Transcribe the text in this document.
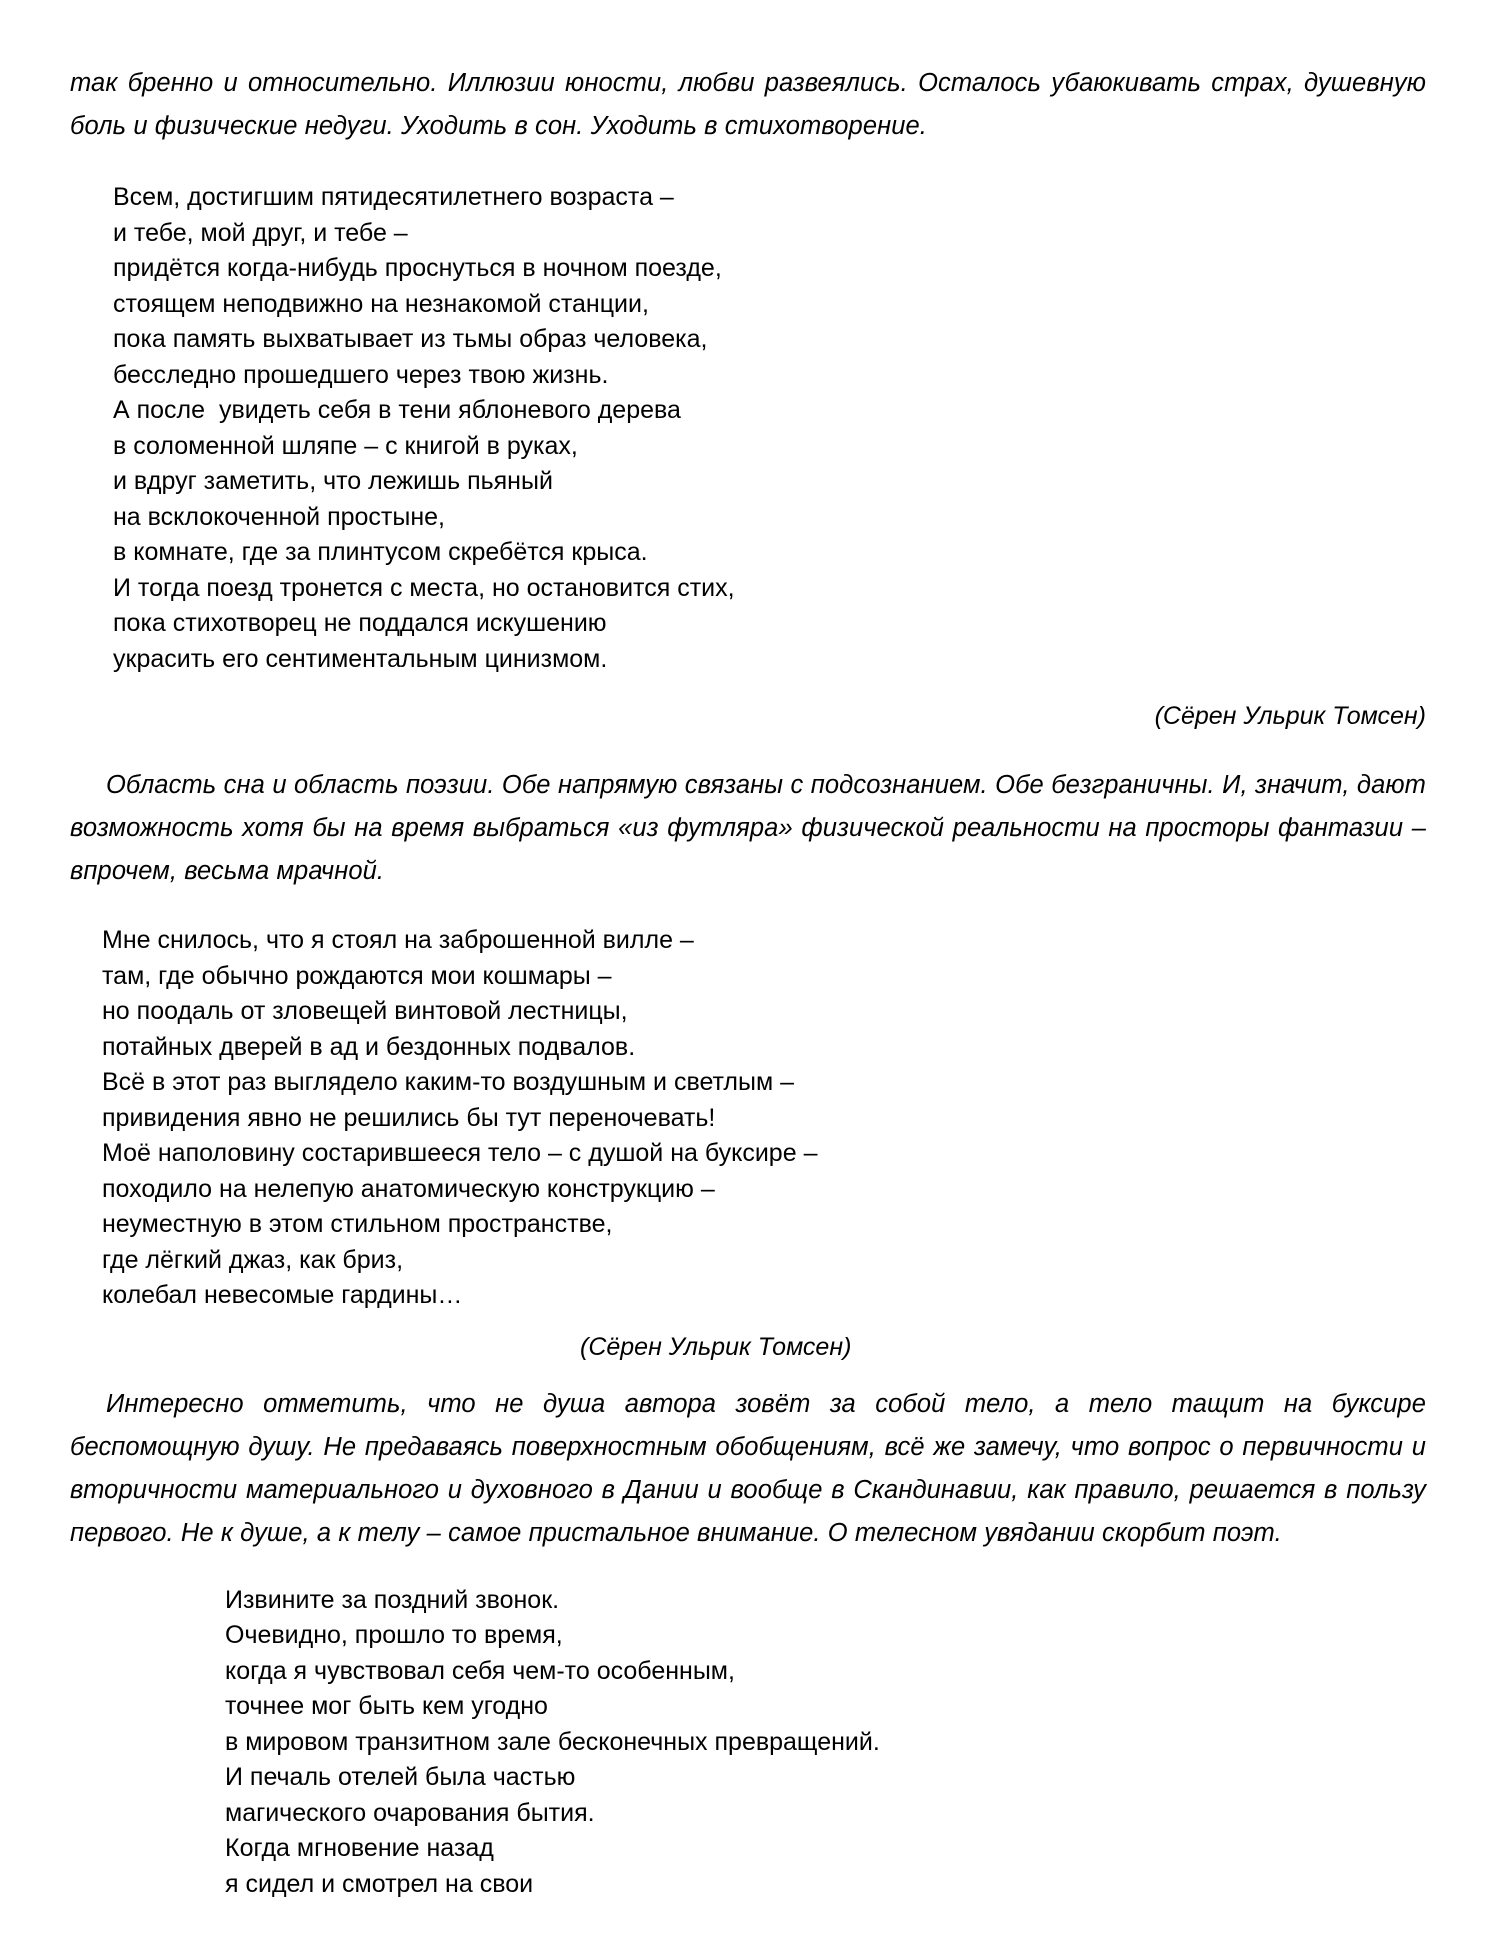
так бренно и относительно. Иллюзии юности, любви развеялись. Осталось убаюкивать страх, душевную боль и физические недуги. Уходить в сон. Уходить в стихотворение.

Всем, достигшим пятидесятилетнего возраста –
и тебе, мой друг, и тебе –
придётся когда-нибудь проснуться в ночном поезде,
стоящем неподвижно на незнакомой станции,
пока память выхватывает из тьмы образ человека,
бесследно прошедшего через твою жизнь.
А после  увидеть себя в тени яблоневого дерева
в соломенной шляпе – с книгой в руках,
и вдруг заметить, что лежишь пьяный
на всклокоченной простыне,
в комнате, где за плинтусом скребётся крыса.
И тогда поезд тронется с места, но остановится стих,
пока стихотворец не поддался искушению
украсить его сентиментальным цинизмом.

(Сёрен Ульрик Томсен)

Область сна и область поэзии. Обе напрямую связаны с подсознанием. Обе безграничны. И, значит, дают возможность хотя бы на время выбраться «из футляра» физической реальности на просторы фантазии – впрочем, весьма мрачной.

Мне снилось, что я стоял на заброшенной вилле –
там, где обычно рождаются мои кошмары –
но поодаль от зловещей винтовой лестницы,
потайных дверей в ад и бездонных подвалов.
Всё в этот раз выглядело каким-то воздушным и светлым –
привидения явно не решились бы тут переночевать!
Моё наполовину состарившееся тело – с душой на буксире –
походило на нелепую анатомическую конструкцию –
неуместную в этом стильном пространстве,
где лёгкий джаз, как бриз,
колебал невесомые гардины…

(Сёрен Ульрик Томсен)

Интересно отметить, что не душа автора зовёт за собой тело, а тело тащит на буксире беспомощную душу. Не предаваясь поверхностным обобщениям, всё же замечу, что вопрос о первичности и вторичности материального и духовного в Дании и вообще в Скандинавии, как правило, решается в пользу первого. Не к душе, а к телу – самое пристальное внимание. О телесном увядании скорбит поэт.

Извините за поздний звонок.
Очевидно, прошло то время,
когда я чувствовал себя чем-то особенным,
точнее мог быть кем угодно
в мировом транзитном зале бесконечных превращений.
И печаль отелей была частью
магического очарования бытия.
Когда мгновение назад
я сидел и смотрел на свои
